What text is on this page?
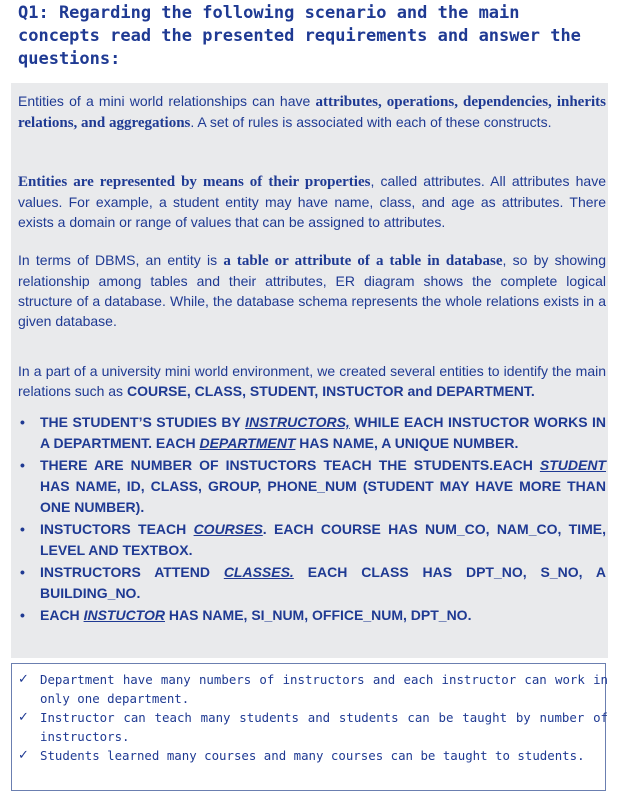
Q1: Regarding the following scenario and the main concepts read the presented requirements and answer the questions:
Entities of a mini world relationships can have attributes, operations, dependencies, inherits relations, and aggregations. A set of rules is associated with each of these constructs.
Entities are represented by means of their properties, called attributes. All attributes have values. For example, a student entity may have name, class, and age as attributes. There exists a domain or range of values that can be assigned to attributes.
In terms of DBMS, an entity is a table or attribute of a table in database, so by showing relationship among tables and their attributes, ER diagram shows the complete logical structure of a database. While, the database schema represents the whole relations exists in a given database.
In a part of a university mini world environment, we created several entities to identify the main relations such as COURSE, CLASS, STUDENT, INSTUCTOR and DEPARTMENT.
• THE STUDENT’S STUDIES BY INSTRUCTORS, WHILE EACH INSTUCTOR WORKS IN A DEPARTMENT. EACH DEPARTMENT HAS NAME, A UNIQUE NUMBER.
• THERE ARE NUMBER OF INSTUCTORS TEACH THE STUDENTS.EACH STUDENT HAS NAME, ID, CLASS, GROUP, PHONE_NUM (STUDENT MAY HAVE MORE THAN ONE NUMBER).
• INSTUCTORS TEACH COURSES. EACH COURSE HAS NUM_CO, NAM_CO, TIME, LEVEL AND TEXTBOX.
• INSTRUCTORS ATTEND CLASSES. EACH CLASS HAS DPT_NO, S_NO, A BUILDING_NO.
• EACH INSTUCTOR HAS NAME, SI_NUM, OFFICE_NUM, DPT_NO.
✓ Department have many numbers of instructors and each instructor can work in only one department.
✓ Instructor can teach many students and students can be taught by number of instructors.
✓ Students learned many courses and many courses can be taught to students.
